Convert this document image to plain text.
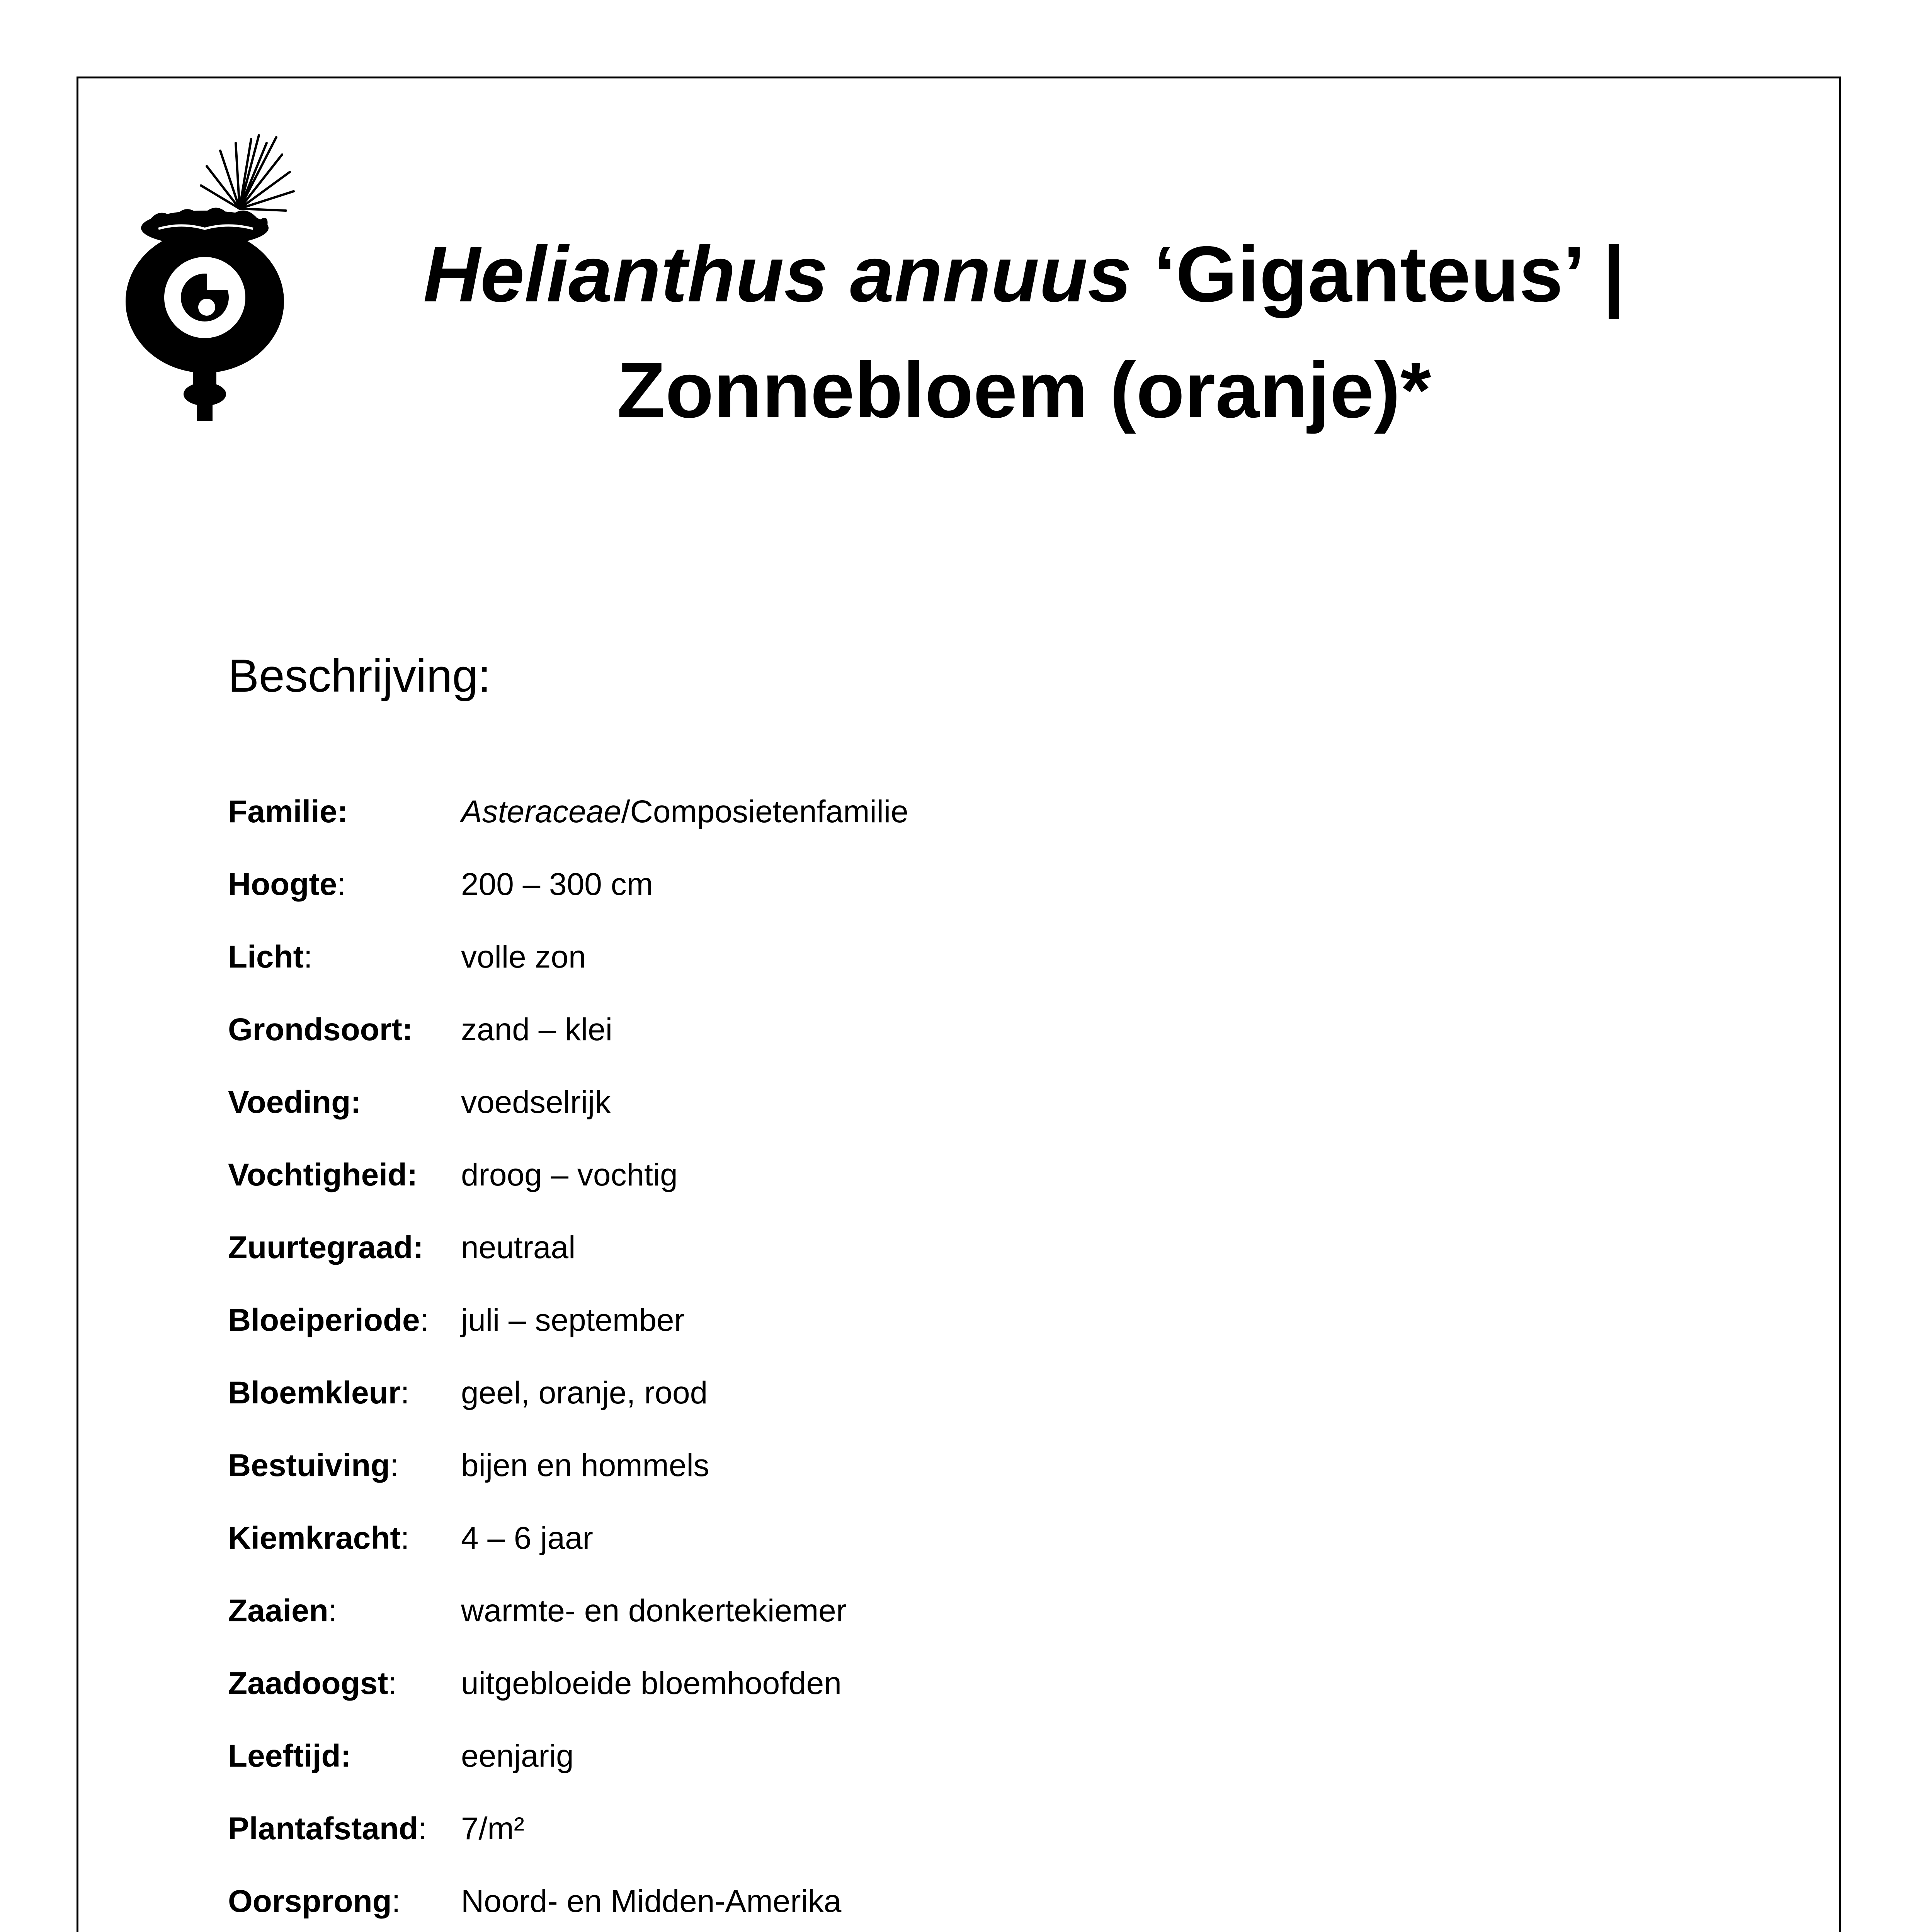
Helianthus annuus ‘Giganteus’ |
Zonnebloem (oranje)*
Beschrijving:
Familie:	Asteraceae/Composietenfamilie
Hoogte:	200 – 300 cm
Licht:	volle zon
Grondsoort:	zand – klei
Voeding:	voedselrijk
Vochtigheid:	droog – vochtig
Zuurtegraad:	neutraal
Bloeiperiode:	juli – september
Bloemkleur:	geel, oranje, rood
Bestuiving:	bijen en hommels
Kiemkracht:	4 – 6 jaar
Zaaien:	warmte- en donkertekiemer
Zaadoogst:	uitgebloeide bloemhoofden
Leeftijd:	eenjarig
Plantafstand:	7/m²
Oorsprong:	Noord- en Midden-Amerika
